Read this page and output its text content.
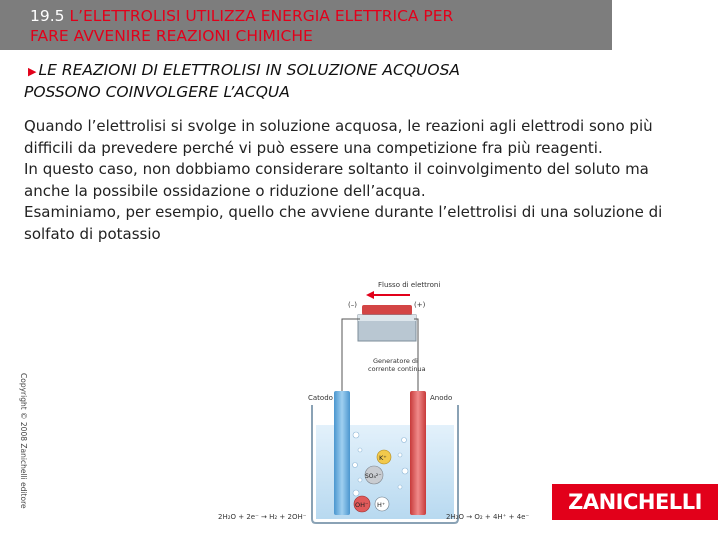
19.5 L’ELETTROLISI UTILIZZA ENERGIA ELETTRICA PER
FARE AVVENIRE REAZIONI CHIMICHE
▶ LE REAZIONI DI ELETTROLISI IN SOLUZIONE ACQUOSA
POSSONO COINVOLGERE L’ACQUA

Quando l’elettrolisi si svolge in soluzione acquosa, le reazioni agli elettrodi sono più difficili da prevedere perché vi può essere una competizione fra più reagenti.

In questo caso, non dobbiamo considerare soltanto il coinvolgimento del soluto ma anche la possibile ossidazione o riduzione dell’acqua.

Esaminiamo, per esempio, quello che avviene durante l’elettrolisi di una soluzione di solfato di potassio

Copyright © 2008 Zanichelli editore
Flusso di elettroni
(–)	(+)
Generatore di
corrente continua
Catodo	Anodo
K⁺
SO₄²⁻
OH⁻ H⁺
2H₂O + 2e⁻ → H₂ + 2OH⁻	2H₂O → O₂ + 4H⁺ + 4e⁻
ZANICHELLI
